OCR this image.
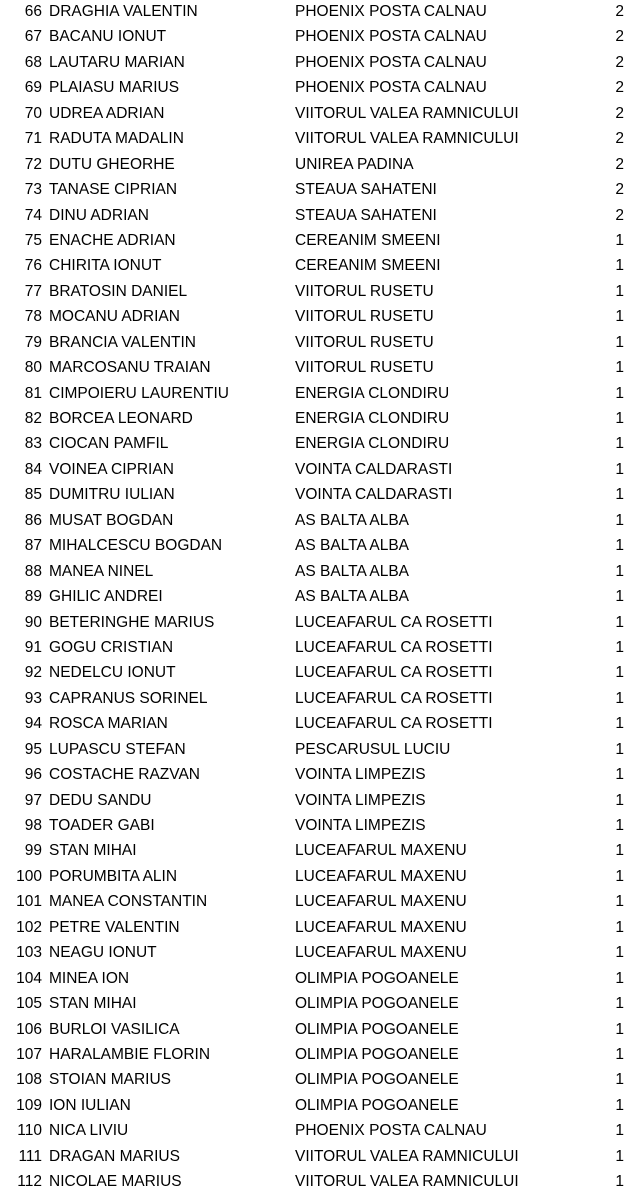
66 DRAGHIA VALENTIN	PHOENIX POSTA CALNAU	2
67 BACANU IONUT	PHOENIX POSTA CALNAU	2
68 LAUTARU MARIAN	PHOENIX POSTA CALNAU	2
69 PLAIASU MARIUS	PHOENIX POSTA CALNAU	2
70 UDREA ADRIAN	VIITORUL VALEA RAMNICULUI	2
71 RADUTA MADALIN	VIITORUL VALEA RAMNICULUI	2
72 DUTU GHEORHE	UNIREA PADINA	2
73 TANASE CIPRIAN	STEAUA SAHATENI	2
74 DINU ADRIAN	STEAUA SAHATENI	2
75 ENACHE ADRIAN	CEREANIM SMEENI	1
76 CHIRITA IONUT	CEREANIM SMEENI	1
77 BRATOSIN DANIEL	VIITORUL RUSETU	1
78 MOCANU ADRIAN	VIITORUL RUSETU	1
79 BRANCIA VALENTIN	VIITORUL RUSETU	1
80 MARCOSANU TRAIAN	VIITORUL RUSETU	1
81 CIMPOIERU LAURENTIU	ENERGIA CLONDIRU	1
82 BORCEA LEONARD	ENERGIA CLONDIRU	1
83 CIOCAN PAMFIL	ENERGIA CLONDIRU	1
84 VOINEA CIPRIAN	VOINTA CALDARASTI	1
85 DUMITRU IULIAN	VOINTA CALDARASTI	1
86 MUSAT BOGDAN	AS BALTA ALBA	1
87 MIHALCESCU BOGDAN	AS BALTA ALBA	1
88 MANEA NINEL	AS BALTA ALBA	1
89 GHILIC ANDREI	AS BALTA ALBA	1
90 BETERINGHE MARIUS	LUCEAFARUL CA ROSETTI	1
91 GOGU CRISTIAN	LUCEAFARUL CA ROSETTI	1
92 NEDELCU IONUT	LUCEAFARUL CA ROSETTI	1
93 CAPRANUS SORINEL	LUCEAFARUL CA ROSETTI	1
94 ROSCA MARIAN	LUCEAFARUL CA ROSETTI	1
95 LUPASCU STEFAN	PESCARUSUL LUCIU	1
96 COSTACHE RAZVAN	VOINTA LIMPEZIS	1
97 DEDU SANDU	VOINTA LIMPEZIS	1
98 TOADER GABI	VOINTA LIMPEZIS	1
99 STAN MIHAI	LUCEAFARUL MAXENU	1
100 PORUMBITA ALIN	LUCEAFARUL MAXENU	1
101 MANEA CONSTANTIN	LUCEAFARUL MAXENU	1
102 PETRE VALENTIN	LUCEAFARUL MAXENU	1
103 NEAGU IONUT	LUCEAFARUL MAXENU	1
104 MINEA ION	OLIMPIA POGOANELE	1
105 STAN MIHAI	OLIMPIA POGOANELE	1
106 BURLOI VASILICA	OLIMPIA POGOANELE	1
107 HARALAMBIE FLORIN	OLIMPIA POGOANELE	1
108 STOIAN MARIUS	OLIMPIA POGOANELE	1
109 ION IULIAN	OLIMPIA POGOANELE	1
110 NICA LIVIU	PHOENIX POSTA CALNAU	1
111 DRAGAN MARIUS	VIITORUL VALEA RAMNICULUI	1
112 NICOLAE MARIUS	VIITORUL VALEA RAMNICULUI	1
